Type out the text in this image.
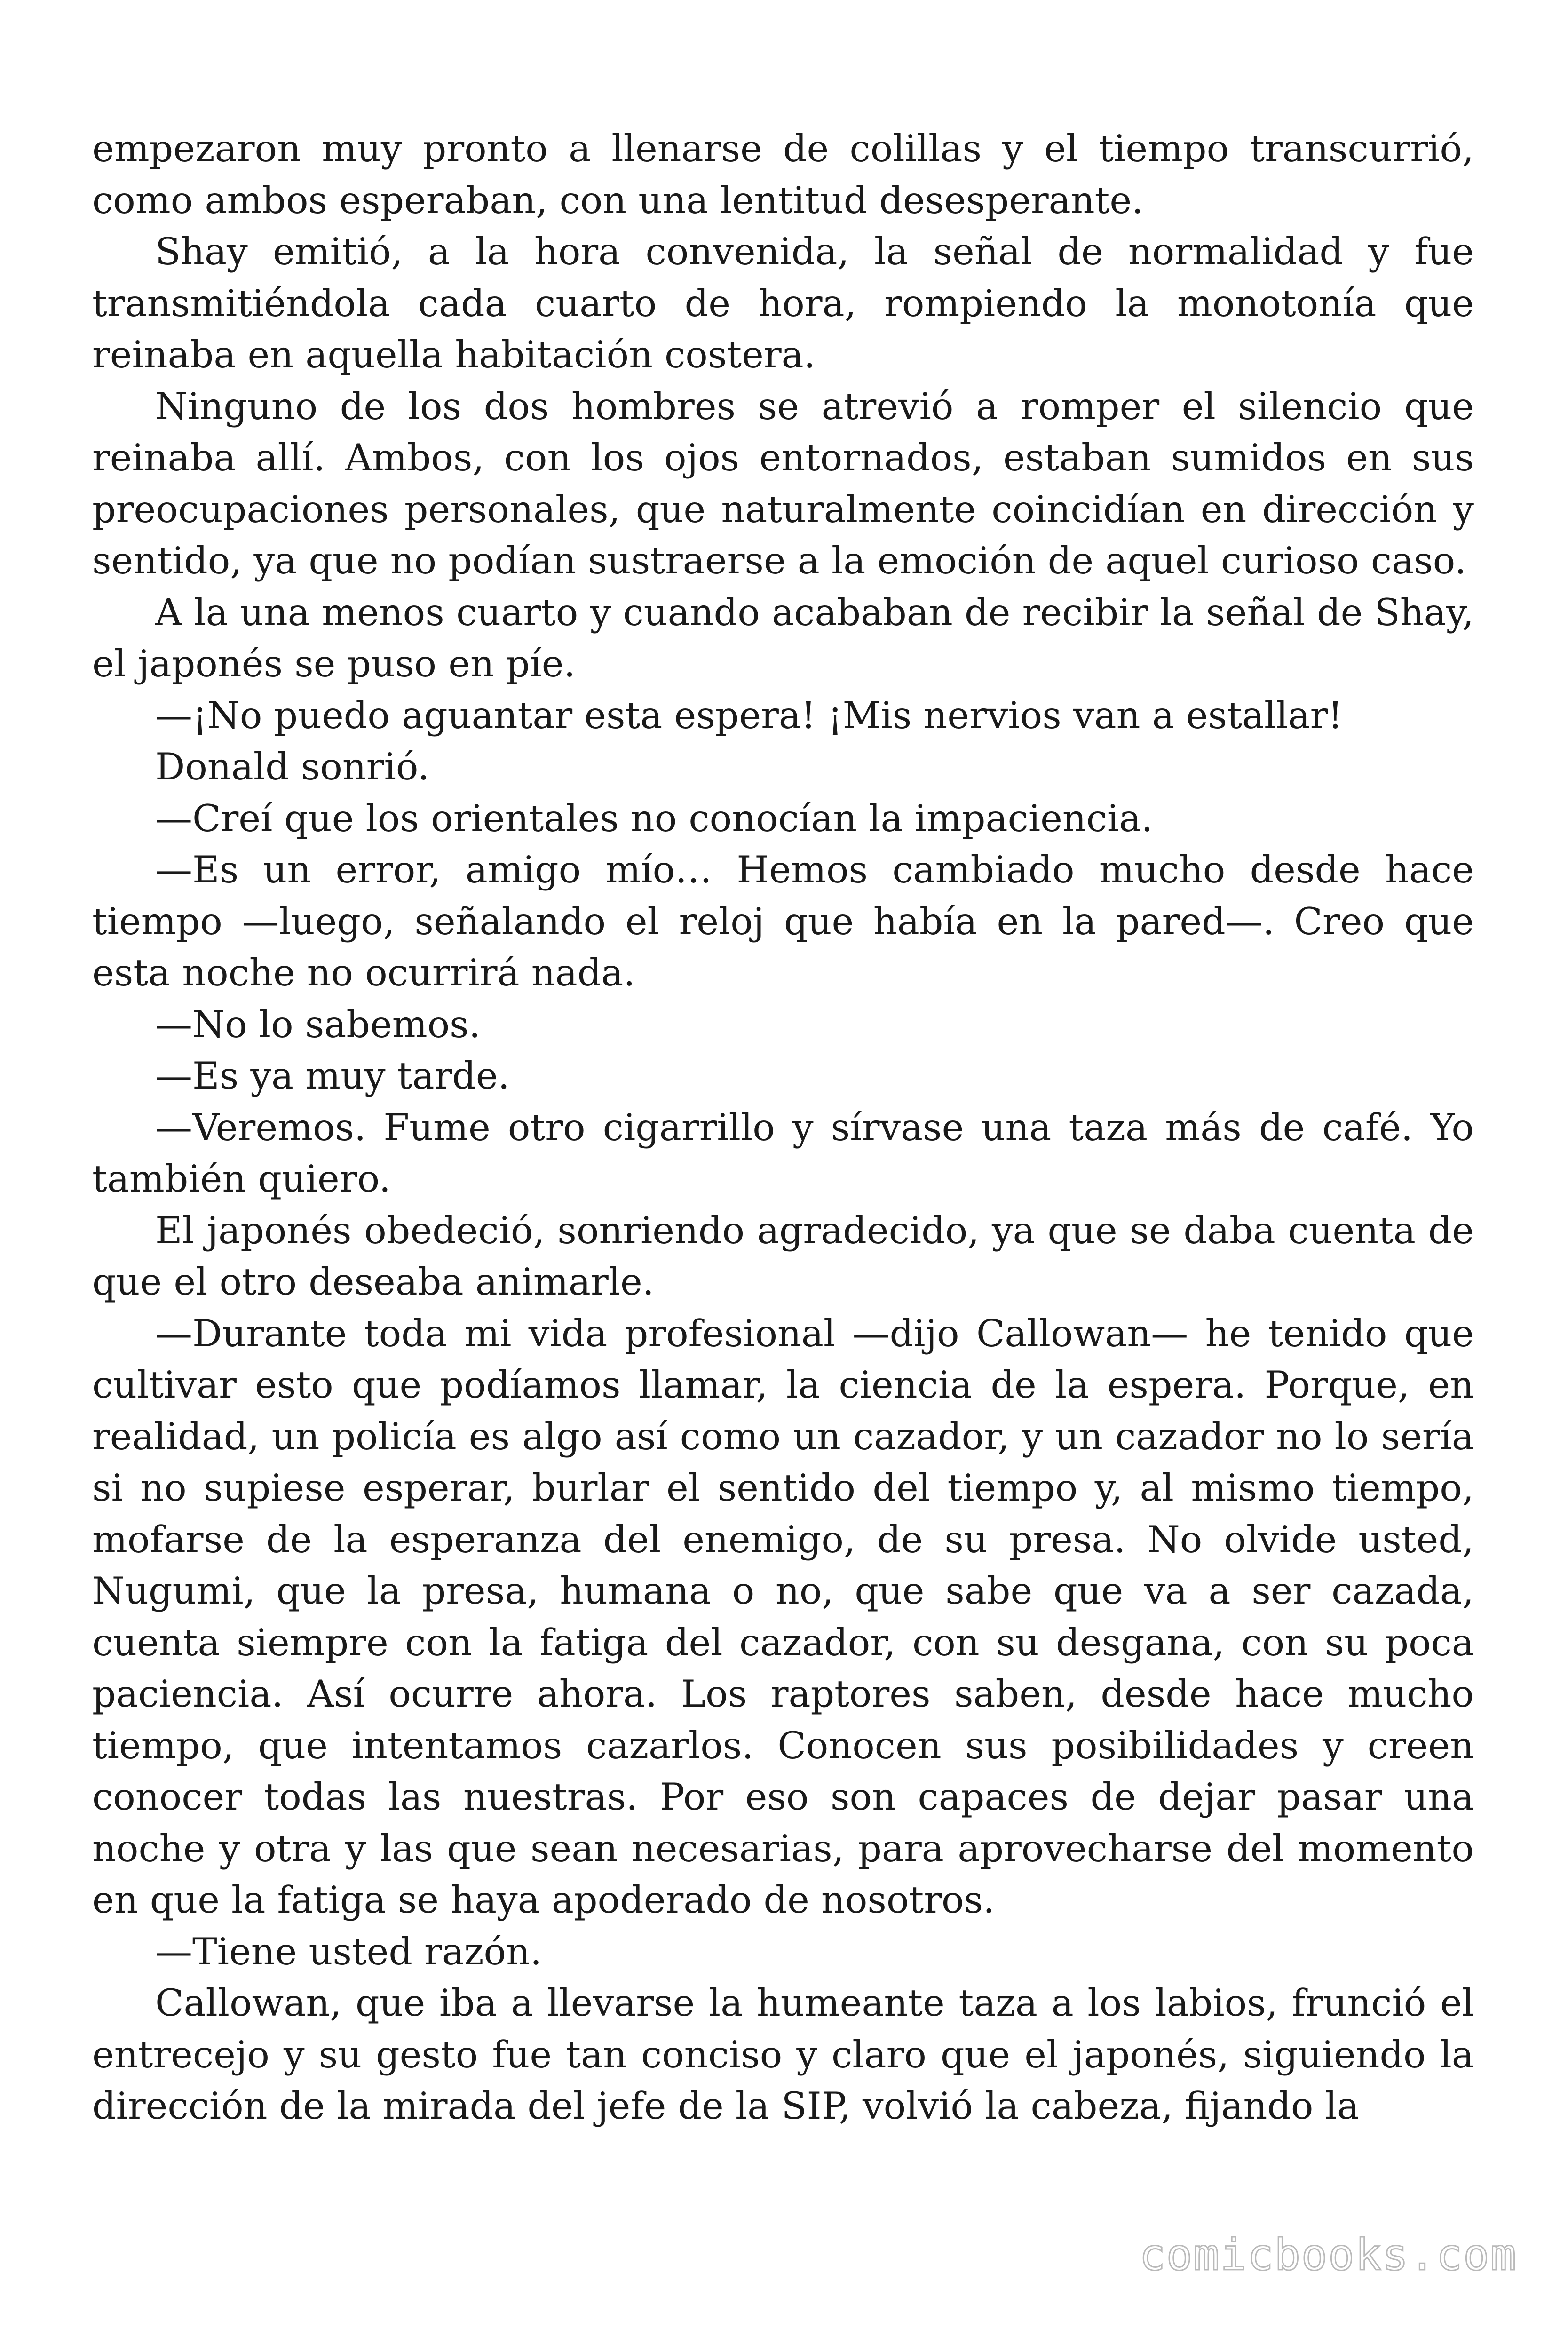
empezaron muy pronto a llenarse de colillas y el tiempo transcurrió, como ambos esperaban, con una lentitud desesperante.

Shay emitió, a la hora convenida, la señal de normalidad y fue transmitiéndola cada cuarto de hora, rompiendo la monotonía que reinaba en aquella habitación costera.

Ninguno de los dos hombres se atrevió a romper el silencio que reinaba allí. Ambos, con los ojos entornados, estaban sumidos en sus preocupaciones personales, que naturalmente coincidían en dirección y sentido, ya que no podían sustraerse a la emoción de aquel curioso caso.

A la una menos cuarto y cuando acababan de recibir la señal de Shay, el japonés se puso en píe.

—¡No puedo aguantar esta espera! ¡Mis nervios van a estallar!

Donald sonrió.

—Creí que los orientales no conocían la impaciencia.

—Es un error, amigo mío… Hemos cambiado mucho desde hace tiempo —luego, señalando el reloj que había en la pared—. Creo que esta noche no ocurrirá nada.

—No lo sabemos.

—Es ya muy tarde.

—Veremos. Fume otro cigarrillo y sírvase una taza más de café. Yo también quiero.

El japonés obedeció, sonriendo agradecido, ya que se daba cuenta de que el otro deseaba animarle.

—Durante toda mi vida profesional —dijo Callowan— he tenido que cultivar esto que podíamos llamar, la ciencia de la espera. Porque, en realidad, un policía es algo así como un cazador, y un cazador no lo sería si no supiese esperar, burlar el sentido del tiempo y, al mismo tiempo, mofarse de la esperanza del enemigo, de su presa. No olvide usted, Nugumi, que la presa, humana o no, que sabe que va a ser cazada, cuenta siempre con la fatiga del cazador, con su desgana, con su poca paciencia. Así ocurre ahora. Los raptores saben, desde hace mucho tiempo, que intentamos cazarlos. Conocen sus posibilidades y creen conocer todas las nuestras. Por eso son capaces de dejar pasar una noche y otra y las que sean necesarias, para aprovecharse del momento en que la fatiga se haya apoderado de nosotros.

—Tiene usted razón.

Callowan, que iba a llevarse la humeante taza a los labios, frunció el entrecejo y su gesto fue tan conciso y claro que el japonés, siguiendo la dirección de la mirada del jefe de la SIP, volvió la cabeza, fijando la

comicbooks.com
